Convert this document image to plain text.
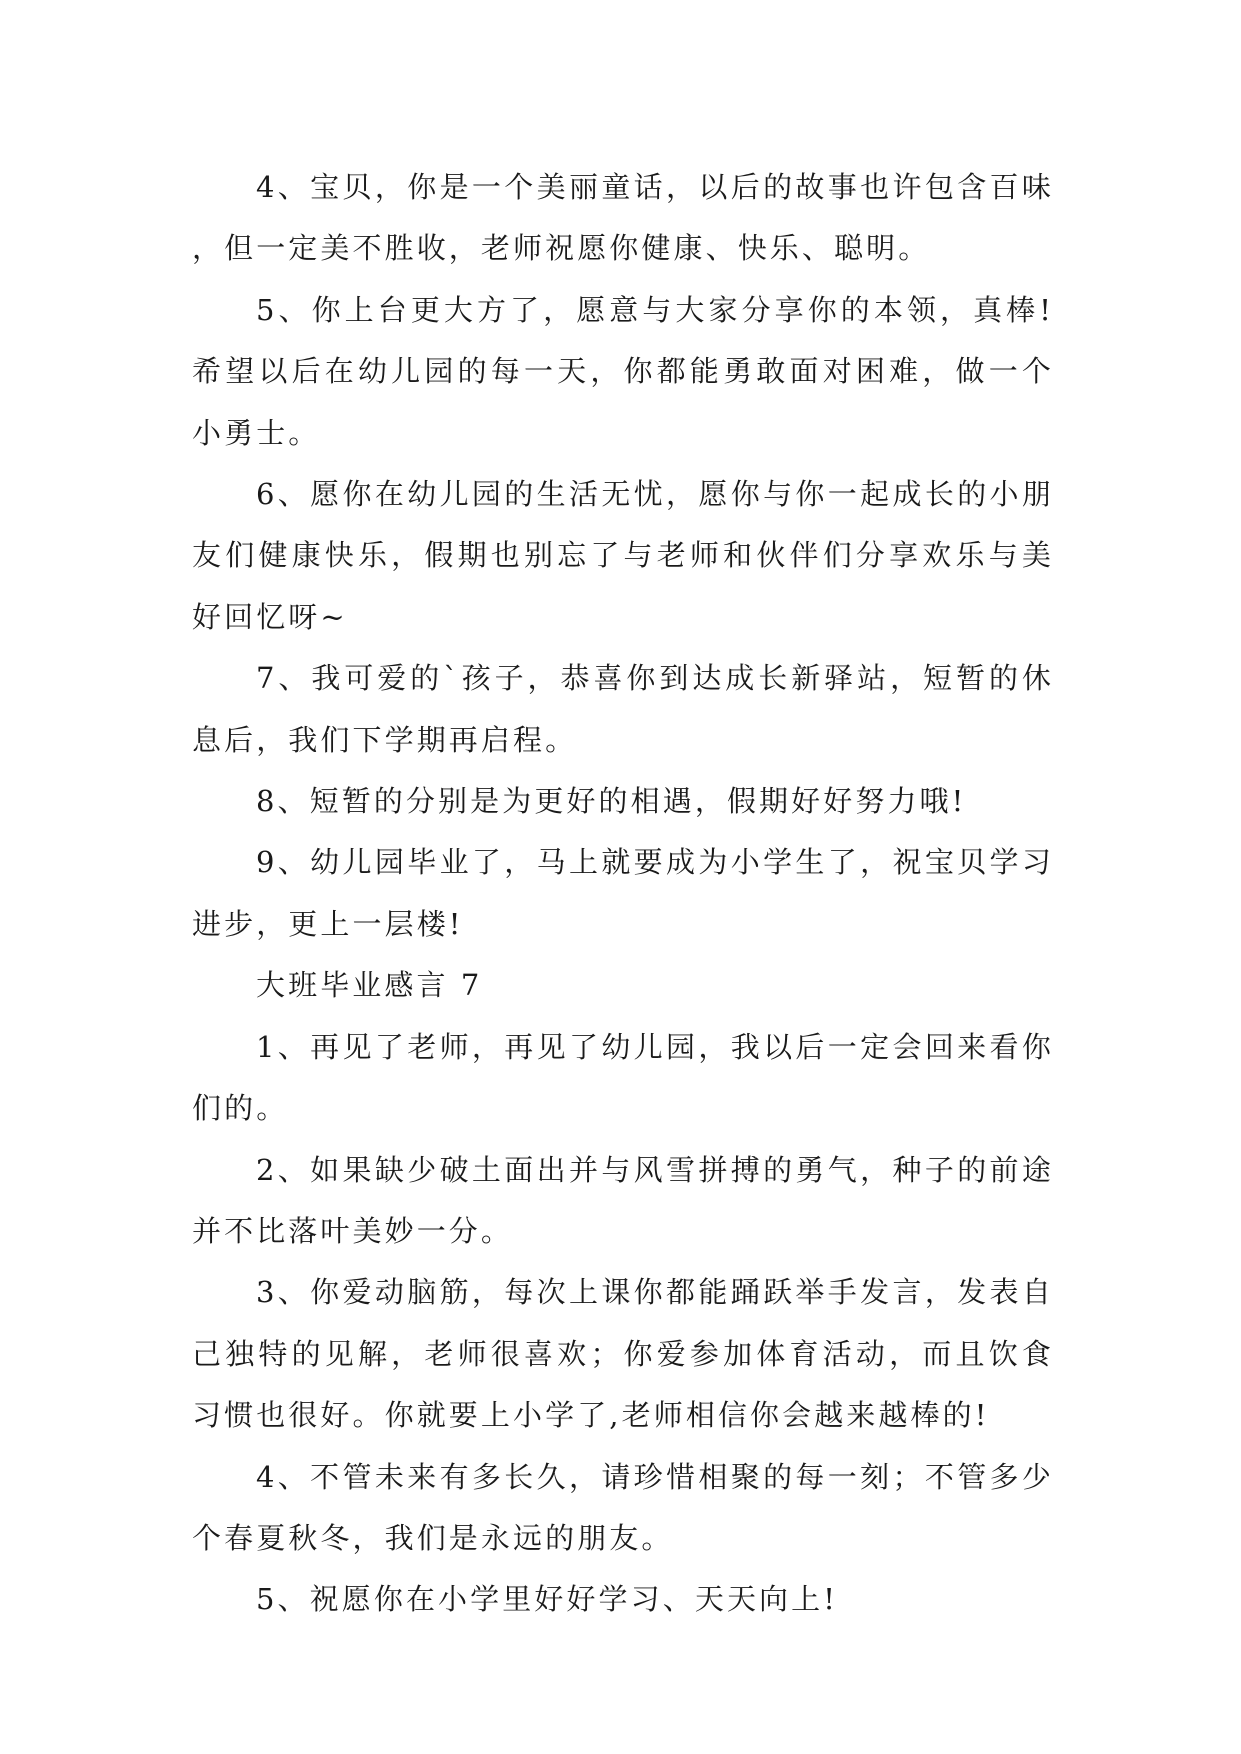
4、宝贝，你是一个美丽童话，以后的故事也许包含百味，但一定美不胜收，老师祝愿你健康、快乐、聪明。

5、你上台更大方了，愿意与大家分享你的本领，真棒!希望以后在幼儿园的每一天，你都能勇敢面对困难，做一个小勇士。

6、愿你在幼儿园的生活无忧，愿你与你一起成长的小朋友们健康快乐，假期也别忘了与老师和伙伴们分享欢乐与美好回忆呀~

7、我可爱的`孩子，恭喜你到达成长新驿站，短暂的休息后，我们下学期再启程。

8、短暂的分别是为更好的相遇，假期好好努力哦!

9、幼儿园毕业了，马上就要成为小学生了，祝宝贝学习进步，更上一层楼!

大班毕业感言 7

1、再见了老师，再见了幼儿园，我以后一定会回来看你们的。

2、如果缺少破土面出并与风雪拼搏的勇气，种子的前途并不比落叶美妙一分。

3、你爱动脑筋，每次上课你都能踊跃举手发言，发表自己独特的见解，老师很喜欢；你爱参加体育活动，而且饮食习惯也很好。你就要上小学了,老师相信你会越来越棒的!

4、不管未来有多长久，请珍惜相聚的每一刻；不管多少个春夏秋冬，我们是永远的朋友。

5、祝愿你在小学里好好学习、天天向上!
